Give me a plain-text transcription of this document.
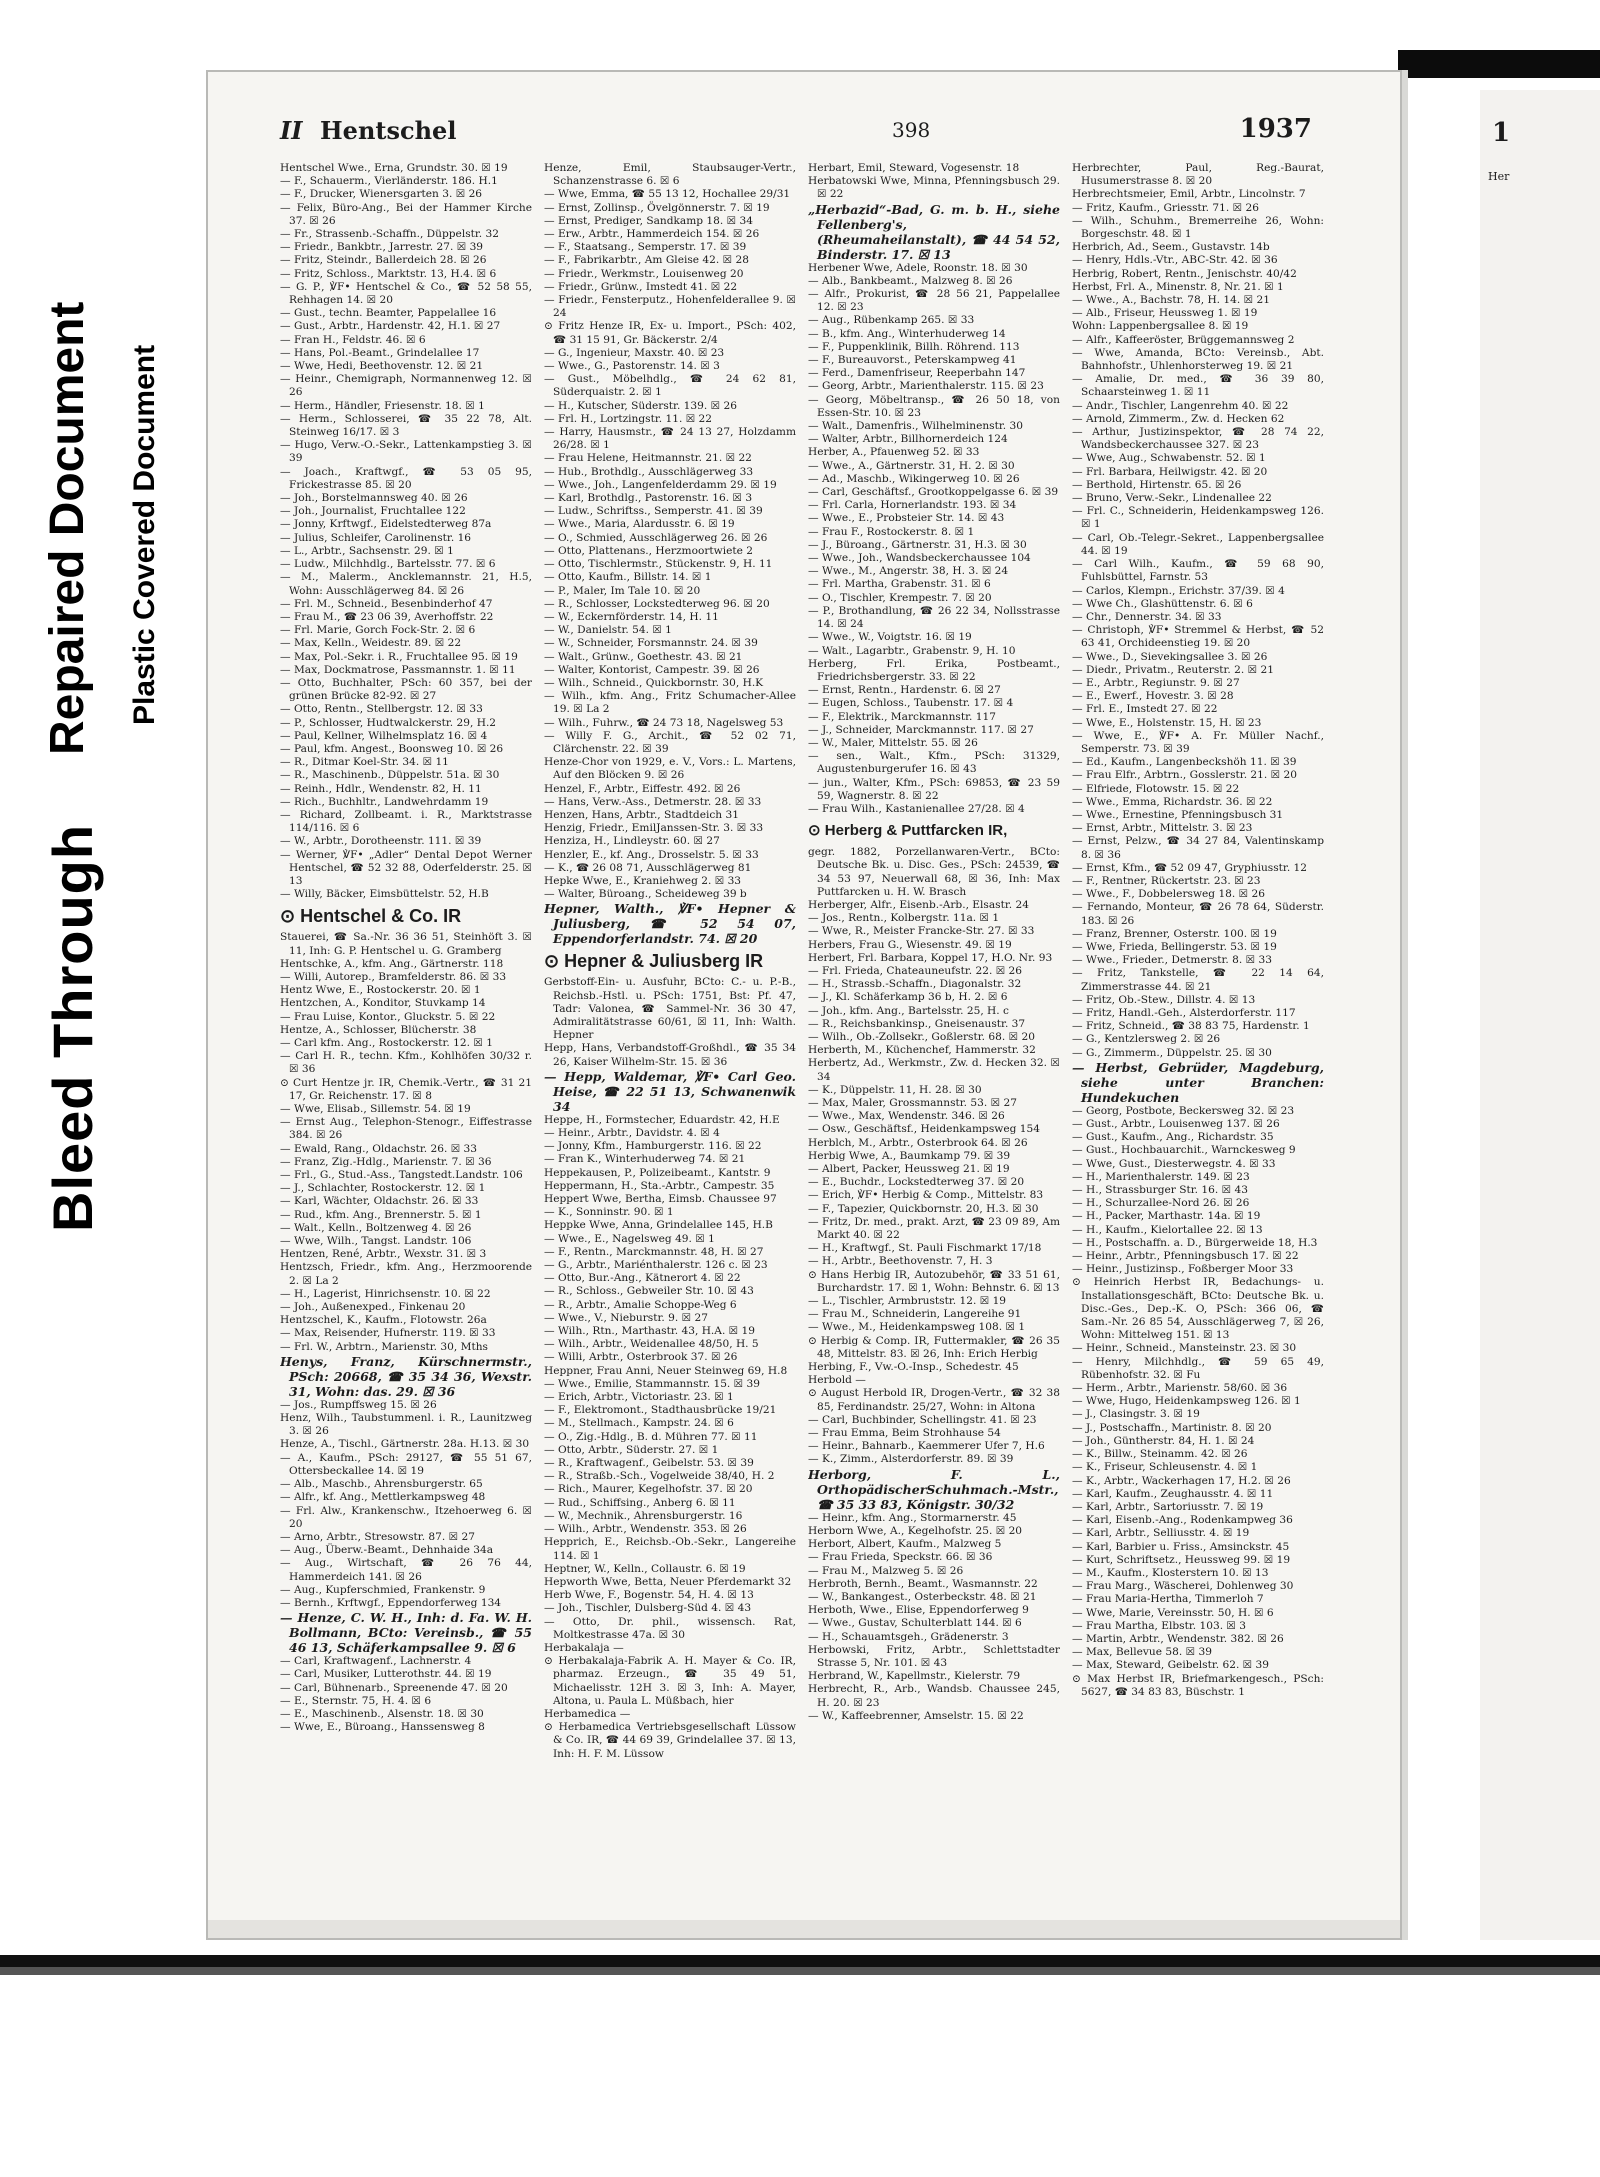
Bleed Through
Repaired Document Plastic Covered Document
II Hentschel	398	1937

Hentschel Wwe., Erna, Grundstr. 30. ☒ 19

— F., Schauerm., Vierländerstr. 186. H.1

— F., Drucker, Wienersgarten 3. ☒ 26

— Felix, Büro-Ang., Bei der Hammer Kirche 37. ☒ 26

— Fr., Strassenb.-Schaffn., Düppelstr. 32

— Friedr., Bankbtr., Jarrestr. 27. ☒ 39

— Fritz, Steindr., Ballerdeich 28. ☒ 26

— Fritz, Schloss., Marktstr. 13, H.4. ☒ 6

— G. P., ℣F• Hentschel & Co., ☎ 52 58 55, Rehhagen 14. ☒ 20

— Gust., techn. Beamter, Pappelallee 16

— Gust., Arbtr., Hardenstr. 42, H.1. ☒ 27

— Fran H., Feldstr. 46. ☒ 6

— Hans, Pol.-Beamt., Grindelallee 17

— Wwe, Hedi, Beethovenstr. 12. ☒ 21

— Heinr., Chemigraph, Normannenweg 12. ☒ 26

— Herm., Händler, Friesenstr. 18. ☒ 1

— Herm., Schlosserei, ☎ 35 22 78, Alt. Steinweg 16/17. ☒ 3

— Hugo, Verw.-O.-Sekr., Lattenkampstieg 3. ☒ 39

— Joach., Kraftwgf., ☎ 53 05 95, Frickestrasse 85. ☒ 20

— Joh., Borstelmannsweg 40. ☒ 26

— Joh., Journalist, Fruchtallee 122

— Jonny, Krftwgf., Eidelstedterweg 87a

— Julius, Schleifer, Carolinenstr. 16

— L., Arbtr., Sachsenstr. 29. ☒ 1

— Ludw., Milchhdlg., Bartelsstr. 77. ☒ 6

— M., Malerm., Ancklemannstr. 21, H.5, Wohn: Ausschlägerweg 84. ☒ 26

— Frl. M., Schneid., Besenbinderhof 47

— Frau M., ☎ 23 06 39, Averhoffstr. 22

— Frl. Marie, Gorch Fock-Str. 2. ☒ 6

— Max, Kelln., Weidestr. 89. ☒ 22

— Max, Pol.-Sekr. i. R., Fruchtallee 95. ☒ 19

— Max, Dockmatrose, Passmannstr. 1. ☒ 11

— Otto, Buchhalter, PSch: 60 357, bei der grünen Brücke 82-92. ☒ 27

— Otto, Rentn., Stellbergstr. 12. ☒ 33

— P., Schlosser, Hudtwalckerstr. 29, H.2

— Paul, Kellner, Wilhelmsplatz 16. ☒ 4

— Paul, kfm. Angest., Boonsweg 10. ☒ 26

— R., Ditmar Koel-Str. 34. ☒ 11

— R., Maschinenb., Düppelstr. 51a. ☒ 30

— Reinh., Hdlr., Wendenstr. 82, H. 11

— Rich., Buchhltr., Landwehrdamm 19

— Richard, Zollbeamt. i. R., Marktstrasse 114/116. ☒ 6

— W., Arbtr., Dorotheenstr. 111. ☒ 39

— Werner, ℣F• „Adler“ Dental Depot Werner Hentschel, ☎ 52 32 88, Oderfelderstr. 25. ☒ 13

— Willy, Bäcker, Eimsbüttelstr. 52, H.B

⊙ Hentschel & Co. IR

Stauerei, ☎ Sa.-Nr. 36 36 51, Steinhöft 3. ☒ 11, Inh: G. P. Hentschel u. G. Gramberg

Hentschke, A., kfm. Ang., Gärtnerstr. 118

— Willi, Autorep., Bramfelderstr. 86. ☒ 33

Hentz Wwe, E., Rostockerstr. 20. ☒ 1

Hentzchen, A., Konditor, Stuvkamp 14

— Frau Luise, Kontor., Gluckstr. 5. ☒ 22

Hentze, A., Schlosser, Blücherstr. 38

— Carl kfm. Ang., Rostockerstr. 12. ☒ 1

— Carl H. R., techn. Kfm., Kohlhöfen 30/32 r. ☒ 36

⊙ Curt Hentze jr. IR, Chemik.-Vertr., ☎ 31 21 17, Gr. Reichenstr. 17. ☒ 8

— Wwe, Elisab., Sillemstr. 54. ☒ 19

— Ernst Aug., Telephon-Stenogr., Eiffestrasse 384. ☒ 26

— Ewald, Rang., Oldachstr. 26. ☒ 33

— Franz, Zig.-Hdlg., Marienstr. 7. ☒ 36

— Frl., G., Stud.-Ass., Tangstedt.Landstr. 106

— J., Schlachter, Rostockerstr. 12. ☒ 1

— Karl, Wächter, Oldachstr. 26. ☒ 33

— Rud., kfm. Ang., Brennerstr. 5. ☒ 1

— Walt., Kelln., Boltzenweg 4. ☒ 26

— Wwe, Wilh., Tangst. Landstr. 106

Hentzen, René, Arbtr., Wexstr. 31. ☒ 3

Hentzsch, Friedr., kfm. Ang., Herzmoorende 2. ☒ La 2

— H., Lagerist, Hinrichsenstr. 10. ☒ 22

— Joh., Außenexped., Finkenau 20

Hentzschel, K., Kaufm., Flotowstr. 26a

— Max, Reisender, Hufnerstr. 119. ☒ 33

— Frl. W., Arbtrn., Marienstr. 30, Mths

Henys, Franz, Kürschnermstr., PSch: 20668, ☎ 35 34 36, Wexstr. 31, Wohn: das. 29. ☒ 36

— Jos., Rumpffsweg 15. ☒ 26

Henz, Wilh., Taubstummenl. i. R., Launitzweg 3. ☒ 26

Henze, A., Tischl., Gärtnerstr. 28a. H.13. ☒ 30

— A., Kaufm., PSch: 29127, ☎ 55 51 67, Ottersbeckallee 14. ☒ 19

— Alb., Maschb., Ahrensburgerstr. 65

— Alfr., kf. Ang., Mettlerkampsweg 48

— Frl. Alw., Krankenschw., Itzehoerweg 6. ☒ 20

— Arno, Arbtr., Stresowstr. 87. ☒ 27

— Aug., Überw.-Beamt., Dehnhaide 34a

— Aug., Wirtschaft, ☎ 26 76 44, Hammerdeich 141. ☒ 26

— Aug., Kupferschmied, Frankenstr. 9

— Bernh., Krftwgf., Eppendorferweg 134

— Henze, C. W. H., Inh: d. Fa. W. H. Bollmann, BCto: Vereinsb., ☎ 55 46 13, Schäferkampsallee 9. ☒ 6

— Carl, Kraftwagenf., Lachnerstr. 4

— Carl, Musiker, Lutterothstr. 44. ☒ 19

— Carl, Bühnenarb., Spreenende 47. ☒ 20

— E., Sternstr. 75, H. 4. ☒ 6

— E., Maschinenb., Alsenstr. 18. ☒ 30

— Wwe, E., Büroang., Hanssensweg 8

Henze, Emil, Staubsauger-Vertr., Schanzenstrasse 6. ☒ 6

— Wwe, Emma, ☎ 55 13 12, Hochallee 29/31

— Ernst, Zollinsp., Övelgönnerstr. 7. ☒ 19

— Ernst, Prediger, Sandkamp 18. ☒ 34

— Erw., Arbtr., Hammerdeich 154. ☒ 26

— F., Staatsang., Semperstr. 17. ☒ 39

— F., Fabrikarbtr., Am Gleise 42. ☒ 28

— Friedr., Werkmstr., Louisenweg 20

— Friedr., Grünw., Imstedt 41. ☒ 22

— Friedr., Fensterputz., Hohenfelderallee 9. ☒ 24

⊙ Fritz Henze IR, Ex- u. Import., PSch: 402, ☎ 31 15 91, Gr. Bäckerstr. 2/4

— G., Ingenieur, Maxstr. 40. ☒ 23

— Wwe., G., Pastorenstr. 14. ☒ 3

— Gust., Möbelhdlg., ☎ 24 62 81, Süderquaistr. 2. ☒ 1

— H., Kutscher, Süderstr. 139. ☒ 26

— Frl. H., Lortzingstr. 11. ☒ 22

— Harry, Hausmstr., ☎ 24 13 27, Holzdamm 26/28. ☒ 1

— Frau Helene, Heitmannstr. 21. ☒ 22

— Hub., Brothdlg., Ausschlägerweg 33

— Wwe., Joh., Langenfelderdamm 29. ☒ 19

— Karl, Brothdlg., Pastorenstr. 16. ☒ 3

— Ludw., Schriftss., Semperstr. 41. ☒ 39

— Wwe., Maria, Alardusstr. 6. ☒ 19

— O., Schmied, Ausschlägerweg 26. ☒ 26

— Otto, Plattenans., Herzmoortwiete 2

— Otto, Tischlermstr., Stückenstr. 9, H. 11

— Otto, Kaufm., Billstr. 14. ☒ 1

— P., Maler, Im Tale 10. ☒ 20

— R., Schlosser, Lockstedterweg 96. ☒ 20

— W., Eckernförderstr. 14, H. 11

— W., Danielstr. 54. ☒ 1

— W., Schneider, Forsmannstr. 24. ☒ 39

— Walt., Grünw., Goethestr. 43. ☒ 21

— Walter, Kontorist, Campestr. 39. ☒ 26

— Wilh., Schneid., Quickbornstr. 30, H.K

— Wilh., kfm. Ang., Fritz Schumacher-Allee 19. ☒ La 2

— Wilh., Fuhrw., ☎ 24 73 18, Nagelsweg 53

— Willy F. G., Archit., ☎ 52 02 71, Clärchenstr. 22. ☒ 39

Henze-Chor von 1929, e. V., Vors.: L. Martens, Auf den Blöcken 9. ☒ 26

Henzel, F., Arbtr., Eiffestr. 492. ☒ 26

— Hans, Verw.-Ass., Detmerstr. 28. ☒ 33

Henzen, Hans, Arbtr., Stadtdeich 31

Henzig, Friedr., EmilJanssen-Str. 3. ☒ 33

Henziza, H., Lindleystr. 60. ☒ 27

Henzler, E., kf. Ang., Drosselstr. 5. ☒ 33

— K., ☎ 26 08 71, Ausschlägerweg 81

Hepke Wwe, E., Kraniehweg 2. ☒ 33

— Walter, Büroang., Scheideweg 39 b

Hepner, Walth., ℣F• Hepner & Juliusberg, ☎ 52 54 07, Eppendorferlandstr. 74. ☒ 20

⊙ Hepner & Juliusberg IR

Gerbstoff-Ein- u. Ausfuhr, BCto: C.- u. P.-B., Reichsb.-Hstl. u. PSch: 1751, Bst: Pf. 47, Tadr: Valonea, ☎ Sammel-Nr. 36 30 47, Admiralitätstrasse 60/61, ☒ 11, Inh: Walth. Hepner

Hepp, Hans, Verbandstoff-Großhdl., ☎ 35 34 26, Kaiser Wilhelm-Str. 15. ☒ 36

— Hepp, Waldemar, ℣F• Carl Geo. Heise, ☎ 22 51 13, Schwanenwik 34

Heppe, H., Formstecher, Eduardstr. 42, H.E

— Heinr., Arbtr., Davidstr. 4. ☒ 4

— Jonny, Kfm., Hamburgerstr. 116. ☒ 22

— Fran K., Winterhuderweg 74. ☒ 21

Heppekausen, P., Polizeibeamt., Kantstr. 9

Heppermann, H., Sta.-Arbtr., Campestr. 35

Heppert Wwe, Bertha, Eimsb. Chaussee 97

— K., Sonninstr. 90. ☒ 1

Heppke Wwe, Anna, Grindelallee 145, H.B

— Wwe., E., Nagelsweg 49. ☒ 1

— F., Rentn., Marckmannstr. 48, H. ☒ 27

— G., Arbtr., Mariénthalerstr. 126 c. ☒ 23

— Otto, Bur.-Ang., Kätnerort 4. ☒ 22

— R., Schloss., Gebweiler Str. 10. ☒ 43

— R., Arbtr., Amalie Schoppe-Weg 6

— Wwe., V., Nieburstr. 9. ☒ 27

— Wilh., Rtn., Marthastr. 43, H.A. ☒ 19

— Wilh., Arbtr., Weidenallee 48/50, H. 5

— Willi, Arbtr., Osterbrook 37. ☒ 26

Heppner, Frau Anni, Neuer Steinweg 69, H.8

— Wwe., Emilie, Stammannstr. 15. ☒ 39

— Erich, Arbtr., Victoriastr. 23. ☒ 1

— F., Elektromont., Stadthausbrücke 19/21

— M., Stellmach., Kampstr. 24. ☒ 6

— O., Zig.-Hdlg., B. d. Mühren 77. ☒ 11

— Otto, Arbtr., Süderstr. 27. ☒ 1

— R., Kraftwagenf., Geibelstr. 53. ☒ 39

— R., Straßb.-Sch., Vogelweide 38/40, H. 2

— Rich., Maurer, Kegelhofstr. 37. ☒ 20

— Rud., Schiffsing., Anberg 6. ☒ 11

— W., Mechnik., Ahrensburgerstr. 16

— Wilh., Arbtr., Wendenstr. 353. ☒ 26

Hepprich, E., Reichsb.-Ob.-Sekr., Langereihe 114. ☒ 1

Heptner, W., Kelln., Collaustr. 6. ☒ 19

Hepworth Wwe, Betta, Neuer Pferdemarkt 32

Herb Wwe, F., Bogenstr. 54, H. 4. ☒ 13

— Joh., Tischler, Dulsberg-Süd 4. ☒ 43

— Otto, Dr. phil., wissensch. Rat, Moltkestrasse 47a. ☒ 30

Herbakalaja —

⊙ Herbakalaja-Fabrik A. H. Mayer & Co. IR, pharmaz. Erzeugn., ☎ 35 49 51, Michaelisstr. 12H 3. ☒ 3, Inh: A. Mayer, Altona, u. Paula L. Müßbach, hier

Herbamedica —

⊙ Herbamedica Vertriebsgesellschaft Lüssow & Co. IR, ☎ 44 69 39, Grindelallee 37. ☒ 13, Inh: H. F. M. Lüssow

Herbart, Emil, Steward, Vogesenstr. 18

Herbatowski Wwe, Minna, Pfenningsbusch 29. ☒ 22

„Herbazid“-Bad, G. m. b. H., siehe Fellenberg's, (Rheumaheilanstalt), ☎ 44 54 52, Binderstr. 17. ☒ 13

Herbener Wwe, Adele, Roonstr. 18. ☒ 30

— Alb., Bankbeamt., Malzweg 8. ☒ 26

— Alfr., Prokurist, ☎ 28 56 21, Pappelallee 12. ☒ 23

— Aug., Rübenkamp 265. ☒ 33

— B., kfm. Ang., Winterhuderweg 14

— F., Puppenklinik, Billh. Röhrend. 113

— F., Bureauvorst., Peterskampweg 41

— Ferd., Damenfriseur, Reeperbahn 147

— Georg, Arbtr., Marienthalerstr. 115. ☒ 23

— Georg, Möbeltransp., ☎ 26 50 18, von Essen-Str. 10. ☒ 23

— Walt., Damenfris., Wilhelminenstr. 30

— Walter, Arbtr., Billhornerdeich 124

Herber, A., Pfauenweg 52. ☒ 33

— Wwe., A., Gärtnerstr. 31, H. 2. ☒ 30

— Ad., Maschb., Wikingerweg 10. ☒ 26

— Carl, Geschäftsf., Grootkoppelgasse 6. ☒ 39

— Frl. Carla, Hornerlandstr. 193. ☒ 34

— Wwe., E., Probsteier Str. 14. ☒ 43

— Frau F., Rostockerstr. 8. ☒ 1

— J., Büroang., Gärtnerstr. 31, H.3. ☒ 30

— Wwe., Joh., Wandsbeckerchaussee 104

— Wwe., M., Angerstr. 38, H. 3. ☒ 24

— Frl. Martha, Grabenstr. 31. ☒ 6

— O., Tischler, Krempestr. 7. ☒ 20

— P., Brothandlung, ☎ 26 22 34, Nollsstrasse 14. ☒ 24

— Wwe., W., Voigtstr. 16. ☒ 19

— Walt., Lagarbtr., Grabenstr. 9, H. 10

Herberg, Frl. Erika, Postbeamt., Friedrichsbergerstr. 33. ☒ 22

— Ernst, Rentn., Hardenstr. 6. ☒ 27

— Eugen, Schloss., Taubenstr. 17. ☒ 4

— F., Elektrik., Marckmannstr. 117

— J., Schneider, Marckmannstr. 117. ☒ 27

— W., Maler, Mittelstr. 55. ☒ 26

— sen., Walt., Kfm., PSch: 31329, Augustenburgerufer 16. ☒ 43

— jun., Walter, Kfm., PSch: 69853, ☎ 23 59 59, Wagnerstr. 8. ☒ 22

— Frau Wilh., Kastanienallee 27/28. ☒ 4

⊙ Herberg & Puttfarcken IR,

gegr. 1882, Porzellanwaren-Vertr., BCto: Deutsche Bk. u. Disc. Ges., PSch: 24539, ☎ 34 53 97, Neuerwall 68, ☒ 36, Inh: Max Puttfarcken u. H. W. Brasch

Herberger, Alfr., Eisenb.-Arb., Elsastr. 24

— Jos., Rentn., Kolbergstr. 11a. ☒ 1

— Wwe, R., Meister Francke-Str. 27. ☒ 33

Herbers, Frau G., Wiesenstr. 49. ☒ 19

Herbert, Frl. Barbara, Koppel 17, H.O. Nr. 93

— Frl. Frieda, Chateauneufstr. 22. ☒ 26

— H., Strassb.-Schaffn., Diagonalstr. 32

— J., Kl. Schäferkamp 36 b, H. 2. ☒ 6

— Joh., kfm. Ang., Bartelsstr. 25, H. c

— R., Reichsbankinsp., Gneisenaustr. 37

— Wilh., Ob.-Zollsekr., Goßlerstr. 68. ☒ 20

Herberth, M., Küchenchef, Hammerstr. 32

Herbertz, Ad., Werkmstr., Zw. d. Hecken 32. ☒ 34

— K., Düppelstr. 11, H. 28. ☒ 30

— Max, Maler, Grossmannstr. 53. ☒ 27

— Wwe., Max, Wendenstr. 346. ☒ 26

— Osw., Geschäftsf., Heidenkampsweg 154

Herblch, M., Arbtr., Osterbrook 64. ☒ 26

Herbig Wwe, A., Baumkamp 79. ☒ 39

— Albert, Packer, Heussweg 21. ☒ 19

— E., Buchdr., Lockstedterweg 37. ☒ 20

— Erich, ℣F• Herbig & Comp., Mittelstr. 83

— F., Tapezier, Quickbornstr. 20, H.3. ☒ 30

— Fritz, Dr. med., prakt. Arzt, ☎ 23 09 89, Am Markt 40. ☒ 22

— H., Kraftwgf., St. Pauli Fischmarkt 17/18

— H., Arbtr., Beethovenstr. 7, H. 3

⊙ Hans Herbig IR, Autozubehör, ☎ 33 51 61, Burchardstr. 17. ☒ 1, Wohn: Behnstr. 6. ☒ 13

— L., Tischler, Armbruststr. 12. ☒ 19

— Frau M., Schneiderin, Langereihe 91

— Wwe., M., Heidenkampsweg 108. ☒ 1

⊙ Herbig & Comp. IR, Futtermakler, ☎ 26 35 48, Mittelstr. 83. ☒ 26, Inh: Erich Herbig

Herbing, F., Vw.-O.-Insp., Schedestr. 45

Herbold —

⊙ August Herbold IR, Drogen-Vertr., ☎ 32 38 85, Ferdinandstr. 25/27, Wohn: in Altona

— Carl, Buchbinder, Schellingstr. 41. ☒ 23

— Frau Emma, Beim Strohhause 54

— Heinr., Bahnarb., Kaemmerer Ufer 7, H.6

— K., Zimm., Alsterdorferstr. 89. ☒ 39

Herborg, F. L., OrthopädischerSchuhmach.-Mstr., ☎ 35 33 83, Königstr. 30/32

— Heinr., kfm. Ang., Stormarnerstr. 45

Herborn Wwe, A., Kegelhofstr. 25. ☒ 20

Herbort, Albert, Kaufm., Malzweg 5

— Frau Frieda, Speckstr. 66. ☒ 36

— Frau M., Malzweg 5. ☒ 26

Herbroth, Bernh., Beamt., Wasmannstr. 22

— W., Bankangest., Osterbeckstr. 48. ☒ 21

Herboth, Wwe., Elise, Eppendorferweg 9

— Wwe., Gustav, Schulterblatt 144. ☒ 6

— H., Schauamtsgeh., Grädenerstr. 3

Herbowski, Fritz, Arbtr., Schlettstadter Strasse 5, Nr. 101. ☒ 43

Herbrand, W., Kapellmstr., Kielerstr. 79

Herbrecht, R., Arb., Wandsb. Chaussee 245, H. 20. ☒ 23

— W., Kaffeebrenner, Amselstr. 15. ☒ 22

Herbrechter, Paul, Reg.-Baurat, Husumerstrasse 8. ☒ 20

Herbrechtsmeier, Emil, Arbtr., Lincolnstr. 7

— Fritz, Kaufm., Griesstr. 71. ☒ 26

— Wilh., Schuhm., Bremerreihe 26, Wohn: Borgeschstr. 48. ☒ 1

Herbrich, Ad., Seem., Gustavstr. 14b

— Henry, Hdls.-Vtr., ABC-Str. 42. ☒ 36

Herbrig, Robert, Rentn., Jenischstr. 40/42

Herbst, Frl. A., Minenstr. 8, Nr. 21. ☒ 1

— Wwe., A., Bachstr. 78, H. 14. ☒ 21

— Alb., Friseur, Heussweg 1. ☒ 19

Wohn: Lappenbergsallee 8. ☒ 19

— Alfr., Kaffeeröster, Brüggemannsweg 2

— Wwe, Amanda, BCto: Vereinsb., Abt. Bahnhofstr., Uhlenhorsterweg 19. ☒ 21

— Amalie, Dr. med., ☎ 36 39 80, Schaarsteinweg 1. ☒ 11

— Andr., Tischler, Langenrehm 40. ☒ 22

— Arnold, Zimmerm., Zw. d. Hecken 62

— Arthur, Justizinspektor, ☎ 28 74 22, Wandsbeckerchaussee 327. ☒ 23

— Wwe, Aug., Schwabenstr. 52. ☒ 1

— Frl. Barbara, Heilwigstr. 42. ☒ 20

— Berthold, Hirtenstr. 65. ☒ 26

— Bruno, Verw.-Sekr., Lindenallee 22

— Frl. C., Schneiderin, Heidenkampsweg 126. ☒ 1

— Carl, Ob.-Telegr.-Sekret., Lappenbergsallee 44. ☒ 19

— Carl Wilh., Kaufm., ☎ 59 68 90, Fuhlsbüttel, Farnstr. 53

— Carlos, Klempn., Erichstr. 37/39. ☒ 4

— Wwe Ch., Glashüttenstr. 6. ☒ 6

— Chr., Dennerstr. 34. ☒ 33

— Christoph, ℣F• Stremmel & Herbst, ☎ 52 63 41, Orchideenstieg 19. ☒ 20

— Wwe., D., Sievekingsallee 3. ☒ 26

— Diedr., Privatm., Reuterstr. 2. ☒ 21

— E., Arbtr., Regiunstr. 9. ☒ 27

— E., Ewerf., Hovestr. 3. ☒ 28

— Frl. E., Imstedt 27. ☒ 22

— Wwe, E., Holstenstr. 15, H. ☒ 23

— Wwe, E., ℣F• A. Fr. Müller Nachf., Semperstr. 73. ☒ 39

— Ed., Kaufm., Langenbeckshöh 11. ☒ 39

— Frau Elfr., Arbtrn., Gosslerstr. 21. ☒ 20

— Elfriede, Flotowstr. 15. ☒ 22

— Wwe., Emma, Richardstr. 36. ☒ 22

— Wwe., Ernestine, Pfenningsbusch 31

— Ernst, Arbtr., Mittelstr. 3. ☒ 23

— Ernst, Pelzw., ☎ 34 27 84, Valentinskamp 8. ☒ 36

— Ernst, Kfm., ☎ 52 09 47, Gryphiusstr. 12

— F., Rentner, Rückertstr. 23. ☒ 23

— Wwe., F., Dobbelersweg 18. ☒ 26

— Fernando, Monteur, ☎ 26 78 64, Süderstr. 183. ☒ 26

— Franz, Brenner, Osterstr. 100. ☒ 19

— Wwe, Frieda, Bellingerstr. 53. ☒ 19

— Wwe., Frieder., Detmerstr. 8. ☒ 33

— Fritz, Tankstelle, ☎ 22 14 64, Zimmerstrasse 44. ☒ 21

— Fritz, Ob.-Stew., Dillstr. 4. ☒ 13

— Fritz, Handl.-Geh., Alsterdorferstr. 117

— Fritz, Schneid., ☎ 38 83 75, Hardenstr. 1

— G., Kentzlersweg 2. ☒ 26

— G., Zimmerm., Düppelstr. 25. ☒ 30

— Herbst, Gebrüder, Magdeburg, siehe unter Branchen: Hundekuchen

— Georg, Postbote, Beckersweg 32. ☒ 23

— Gust., Arbtr., Louisenweg 137. ☒ 26

— Gust., Kaufm., Ang., Richardstr. 35

— Gust., Hochbauarchit., Warnckesweg 9

— Wwe, Gust., Diesterwegstr. 4. ☒ 33

— H., Marienthalerstr. 149. ☒ 23

— H., Strassburger Str. 16. ☒ 43

— H., Schurzallee-Nord 26. ☒ 26

— H., Packer, Marthastr. 14a. ☒ 19

— H., Kaufm., Kielortallee 22. ☒ 13

— H., Postschaffn. a. D., Bürgerweide 18, H.3

— Heinr., Arbtr., Pfenningsbusch 17. ☒ 22

— Heinr., Justizinsp., Foßberger Moor 33

⊙ Heinrich Herbst IR, Bedachungs- u. Installationsgeschäft, BCto: Deutsche Bk. u. Disc.-Ges., Dep.-K. O, PSch: 366 06, ☎ Sam.-Nr. 26 85 54, Ausschlägerweg 7, ☒ 26, Wohn: Mittelweg 151. ☒ 13

— Heinr., Schneid., Mansteinstr. 23. ☒ 30

— Henry, Milchhdlg., ☎ 59 65 49, Rübenhofstr. 32. ☒ Fu

— Herm., Arbtr., Marienstr. 58/60. ☒ 36

— Wwe, Hugo, Heidenkampsweg 126. ☒ 1

— J., Clasingstr. 3. ☒ 19

— J., Postschaffn., Martinistr. 8. ☒ 20

— Joh., Güntherstr. 84, H. 1. ☒ 24

— K., Billw., Steinamm. 42. ☒ 26

— K., Friseur, Schleusenstr. 4. ☒ 1

— K., Arbtr., Wackerhagen 17, H.2. ☒ 26

— Karl, Kaufm., Zeughausstr. 4. ☒ 11

— Karl, Arbtr., Sartoriusstr. 7. ☒ 19

— Karl, Eisenb.-Ang., Rodenkampweg 36

— Karl, Arbtr., Selliusstr. 4. ☒ 19

— Karl, Barbier u. Friss., Amsinckstr. 45

— Kurt, Schriftsetz., Heussweg 99. ☒ 19

— M., Kaufm., Klosterstern 10. ☒ 13

— Frau Marg., Wäscherei, Dohlenweg 30

— Frau Maria-Hertha, Timmerloh 7

— Wwe, Marie, Vereinsstr. 50, H. ☒ 6

— Frau Martha, Elbstr. 103. ☒ 3

— Martin, Arbtr., Wendenstr. 382. ☒ 26

— Max, Bellevue 58. ☒ 39

— Max, Steward, Geibelstr. 62. ☒ 39

⊙ Max Herbst IR, Briefmarkengesch., PSch: 5627, ☎ 34 83 83, Büschstr. 1

1
Her
